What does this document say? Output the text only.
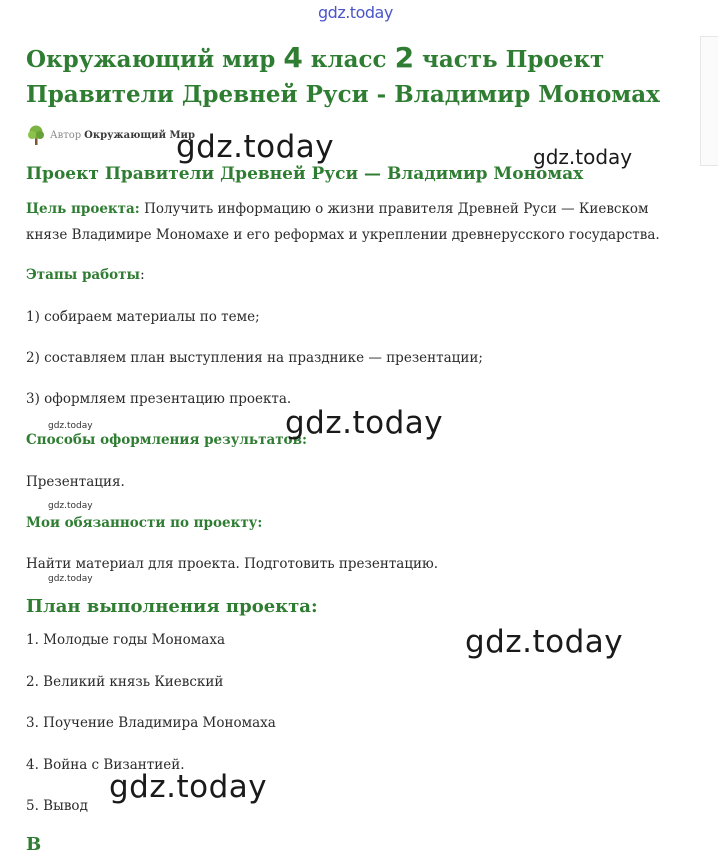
gdz.today
Окружающий мир 4 класс 2 часть Проект Правители Древней Руси - Владимир Мономах
Автор Окружающий Мир
Проект Правители Древней Руси — Владимир Мономах

Цель проекта: Получить информацию о жизни правителя Древней Руси — Киевском

князе Владимире Мономахе и его реформах и укреплении древнерусского государства.

Этапы работы:

1) собираем материалы по теме;

2) составляем план выступления на празднике — презентации;

3) оформляем презентацию проекта.

Способы оформления результатов:

Презентация.

Мои обязанности по проекту:

Найти материал для проекта. Подготовить презентацию.

План выполнения проекта:

1. Молодые годы Мономаха

2. Великий князь Киевский

3. Поучение Владимира Мономаха

4. Война с Византией.

5. Вывод

В
gdz.today	gdz.today
gdz.today
gdz.today
gdz.today
gdz.today
gdz.today
gdz.today
